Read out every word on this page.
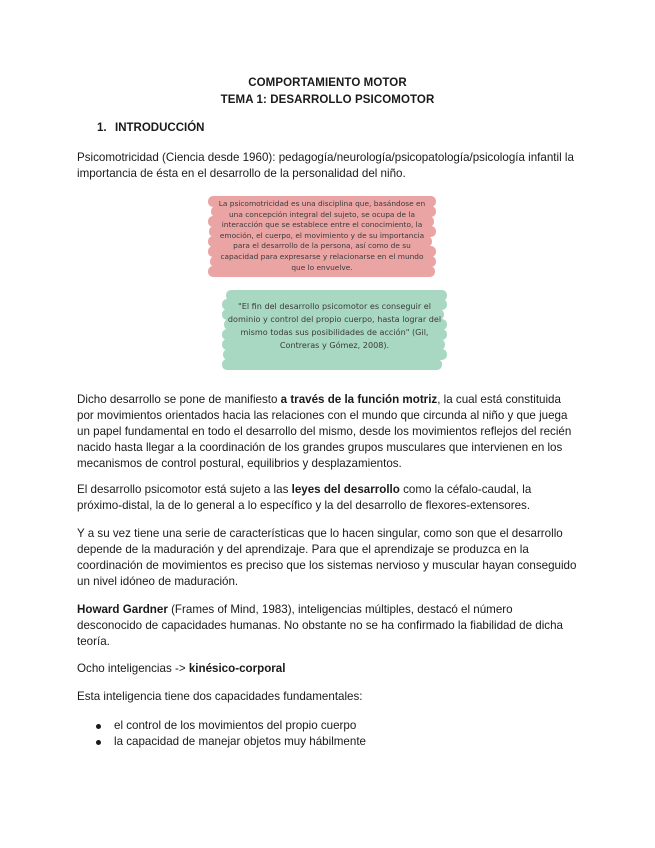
COMPORTAMIENTO MOTOR
TEMA 1: DESARROLLO PSICOMOTOR
1. INTRODUCCIÓN

Psicomotricidad (Ciencia desde 1960): pedagogía/neurología/psicopatología/psicología infantil la importancia de ésta en el desarrollo de la personalidad del niño.

La psicomotricidad es una disciplina que, basándose en una concepción integral del sujeto, se ocupa de la interacción que se establece entre el conocimiento, la emoción, el cuerpo, el movimiento y de su importancia para el desarrollo de la persona, así como de su capacidad para expresarse y relacionarse en el mundo que lo envuelve.
"El fin del desarrollo psicomotor es conseguir el dominio y control del propio cuerpo, hasta lograr del mismo todas sus posibilidades de acción" (Gil, Contreras y Gómez, 2008).

Dicho desarrollo se pone de manifiesto a través de la función motriz, la cual está constituida por movimientos orientados hacia las relaciones con el mundo que circunda al niño y que juega un papel fundamental en todo el desarrollo del mismo, desde los movimientos reflejos del recién nacido hasta llegar a la coordinación de los grandes grupos musculares que intervienen en los mecanismos de control postural, equilibrios y desplazamientos.

El desarrollo psicomotor está sujeto a las leyes del desarrollo como la céfalo-caudal, la próximo-distal, la de lo general a lo específico y la del desarrollo de flexores-extensores.

Y a su vez tiene una serie de características que lo hacen singular, como son que el desarrollo depende de la maduración y del aprendizaje. Para que el aprendizaje se produzca en la coordinación de movimientos es preciso que los sistemas nervioso y muscular hayan conseguido un nivel idóneo de maduración.

Howard Gardner (Frames of Mind, 1983), inteligencias múltiples, destacó el número desconocido de capacidades humanas. No obstante no se ha confirmado la fiabilidad de dicha teoría.

Ocho inteligencias -> kinésico-corporal

Esta inteligencia tiene dos capacidades fundamentales:

el control de los movimientos del propio cuerpo
la capacidad de manejar objetos muy hábilmente
